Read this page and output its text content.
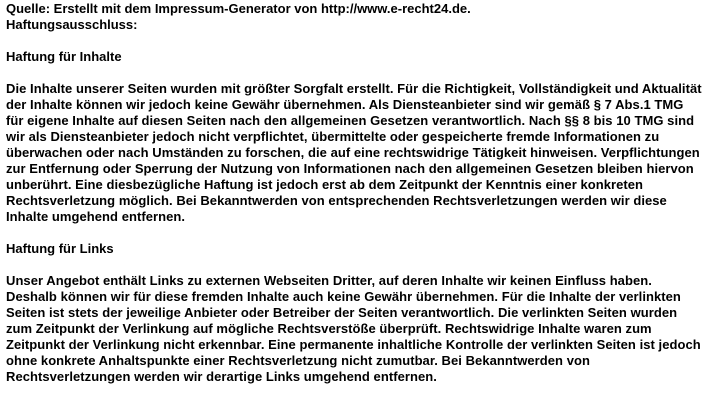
Quelle: Erstellt mit dem Impressum-Generator von http://www.e-recht24.de.

Haftungsausschluss:

Haftung für Inhalte

Die Inhalte unserer Seiten wurden mit größter Sorgfalt erstellt. Für die Richtigkeit, Vollständigkeit und Aktualität der Inhalte können wir jedoch keine Gewähr übernehmen. Als Diensteanbieter sind wir gemäß § 7 Abs.1 TMG für eigene Inhalte auf diesen Seiten nach den allgemeinen Gesetzen verantwortlich. Nach §§ 8 bis 10 TMG sind wir als Diensteanbieter jedoch nicht verpflichtet, übermittelte oder gespeicherte fremde Informationen zu überwachen oder nach Umständen zu forschen, die auf eine rechtswidrige Tätigkeit hinweisen. Verpflichtungen zur Entfernung oder Sperrung der Nutzung von Informationen nach den allgemeinen Gesetzen bleiben hiervon unberührt. Eine diesbezügliche Haftung ist jedoch erst ab dem Zeitpunkt der Kenntnis einer konkreten Rechtsverletzung möglich. Bei Bekanntwerden von entsprechenden Rechtsverletzungen werden wir diese Inhalte umgehend entfernen.

Haftung für Links

Unser Angebot enthält Links zu externen Webseiten Dritter, auf deren Inhalte wir keinen Einfluss haben. Deshalb können wir für diese fremden Inhalte auch keine Gewähr übernehmen. Für die Inhalte der verlinkten Seiten ist stets der jeweilige Anbieter oder Betreiber der Seiten verantwortlich. Die verlinkten Seiten wurden zum Zeitpunkt der Verlinkung auf mögliche Rechtsverstöße überprüft. Rechtswidrige Inhalte waren zum Zeitpunkt der Verlinkung nicht erkennbar. Eine permanente inhaltliche Kontrolle der verlinkten Seiten ist jedoch ohne konkrete Anhaltspunkte einer Rechtsverletzung nicht zumutbar. Bei Bekanntwerden von Rechtsverletzungen werden wir derartige Links umgehend entfernen.
